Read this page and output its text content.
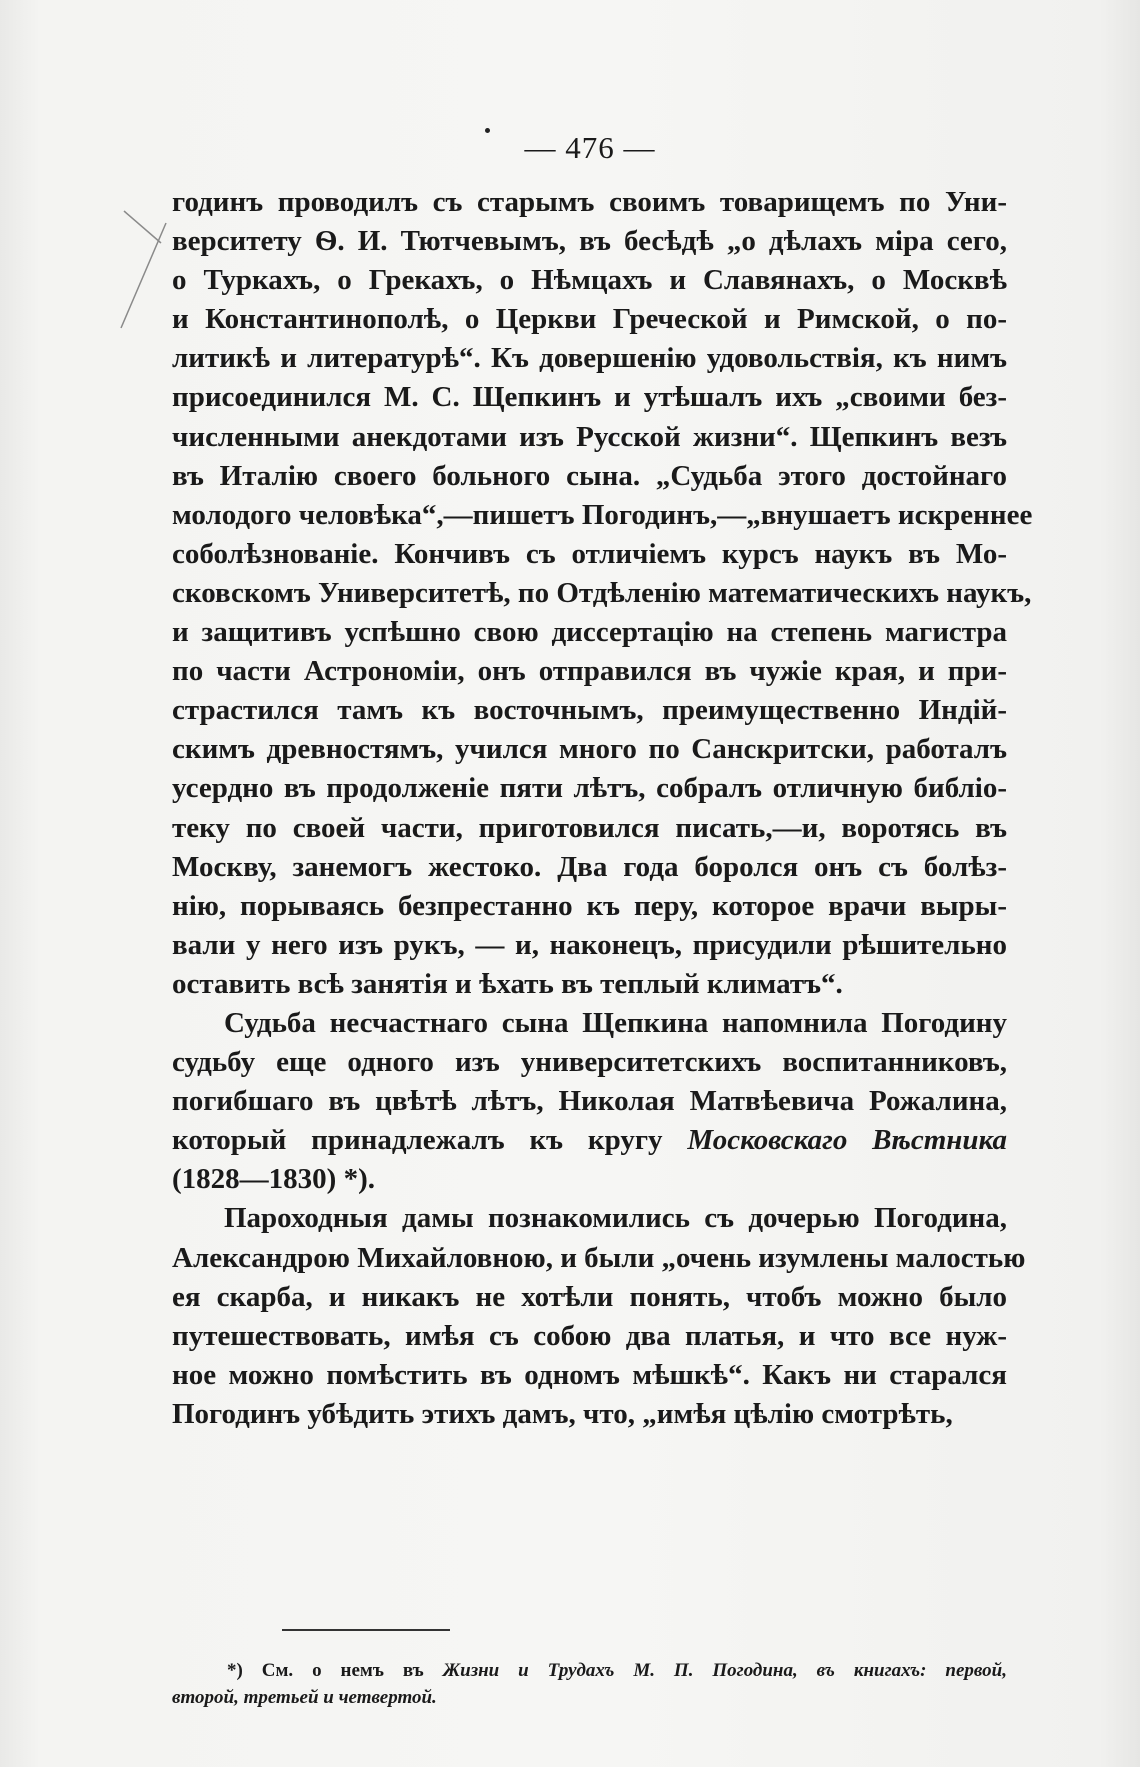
— 476 —
годинъ проводилъ съ старымъ своимъ товарищемъ по Уни-
верситету Ѳ. И. Тютчевымъ, въ бесѣдѣ „о дѣлахъ міра сего,
о Туркахъ, о Грекахъ, о Нѣмцахъ и Славянахъ, о Москвѣ
и Константинополѣ, о Церкви Греческой и Римской, о по-
литикѣ и литературѣ“. Къ довершенію удовольствія, къ нимъ
присоединился М. С. Щепкинъ и утѣшалъ ихъ „своими без-
численными анекдотами изъ Русской жизни“. Щепкинъ везъ
въ Италію своего больного сына. „Судьба этого достойнаго
молодого человѣка“,—пишетъ Погодинъ,—„внушаетъ искреннее
соболѣзнованіе. Кончивъ съ отличіемъ курсъ наукъ въ Мо-
сковскомъ Университетѣ, по Отдѣленію математическихъ наукъ,
и защитивъ успѣшно свою диссертацію на степень магистра
по части Астрономіи, онъ отправился въ чужіе края, и при-
страстился тамъ къ восточнымъ, преимущественно Индій-
скимъ древностямъ, учился много по Санскритски, работалъ
усердно въ продолженіе пяти лѣтъ, собралъ отличную библіо-
теку по своей части, приготовился писать,—и, воротясь въ
Москву, занемогъ жестоко. Два года боролся онъ съ болѣз-
нію, порываясь безпрестанно къ перу, которое врачи выры-
вали у него изъ рукъ, — и, наконецъ, присудили рѣшительно
оставить всѣ занятія и ѣхать въ теплый климатъ“.
Судьба несчастнаго сына Щепкина напомнила Погодину
судьбу еще одного изъ университетскихъ воспитанниковъ,
погибшаго въ цвѣтѣ лѣтъ, Николая Матвѣевича Рожалина,
который принадлежалъ къ кругу Московскаго Вѣстника
(1828—1830) *).
Пароходныя дамы познакомились съ дочерью Погодина,
Александрою Михайловною, и были „очень изумлены малостью
ея скарба, и никакъ не хотѣли понять, чтобъ можно было
путешествовать, имѣя съ собою два платья, и что все нуж-
ное можно помѣстить въ одномъ мѣшкѣ“. Какъ ни старался
Погодинъ убѣдить этихъ дамъ, что, „имѣя цѣлію смотрѣть,
*) См. о немъ въ Жизни и Трудахъ М. П. Погодина, въ книгахъ: первой,
второй, третьей и четвертой.
